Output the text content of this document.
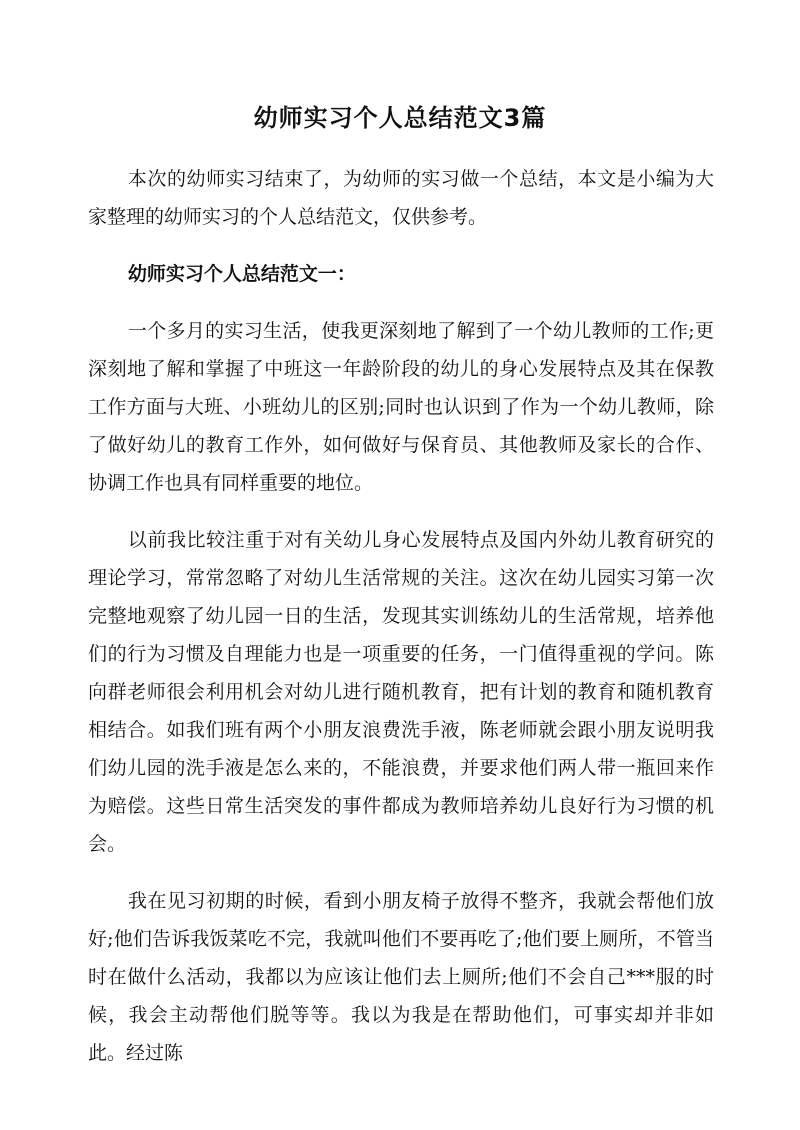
幼师实习个人总结范文3篇

本次的幼师实习结束了，为幼师的实习做一个总结，本文是小编为大家整理的幼师实习的个人总结范文，仅供参考。

幼师实习个人总结范文一：

一个多月的实习生活，使我更深刻地了解到了一个幼儿教师的工作;更深刻地了解和掌握了中班这一年龄阶段的幼儿的身心发展特点及其在保教工作方面与大班、小班幼儿的区别;同时也认识到了作为一个幼儿教师，除了做好幼儿的教育工作外，如何做好与保育员、其他教师及家长的合作、协调工作也具有同样重要的地位。

以前我比较注重于对有关幼儿身心发展特点及国内外幼儿教育研究的理论学习，常常忽略了对幼儿生活常规的关注。这次在幼儿园实习第一次完整地观察了幼儿园一日的生活，发现其实训练幼儿的生活常规，培养他们的行为习惯及自理能力也是一项重要的任务，一门值得重视的学问。陈向群老师很会利用机会对幼儿进行随机教育，把有计划的教育和随机教育相结合。如我们班有两个小朋友浪费洗手液，陈老师就会跟小朋友说明我们幼儿园的洗手液是怎么来的，不能浪费，并要求他们两人带一瓶回来作为赔偿。这些日常生活突发的事件都成为教师培养幼儿良好行为习惯的机会。

我在见习初期的时候，看到小朋友椅子放得不整齐，我就会帮他们放好;他们告诉我饭菜吃不完，我就叫他们不要再吃了;他们要上厕所，不管当时在做什么活动，我都以为应该让他们去上厕所;他们不会自己***服的时候，我会主动帮他们脱等等。我以为我是在帮助他们，可事实却并非如此。经过陈
